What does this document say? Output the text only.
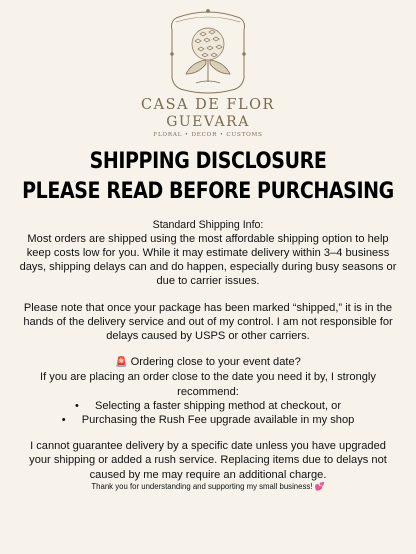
CASA DE FLOR
GUEVARA
FLORAL • DECOR • CUSTOMS
SHIPPING DISCLOSURE
PLEASE READ BEFORE PURCHASING

Standard Shipping Info:

Most orders are shipped using the most affordable shipping option to help

keep costs low for you. While it may estimate delivery within 3–4 business

days, shipping delays can and do happen, especially during busy seasons or

due to carrier issues.

Please note that once your package has been marked “shipped,” it is in the

hands of the delivery service and out of my control. I am not responsible for

delays caused by USPS or other carriers.

🚨 Ordering close to your event date?

If you are placing an order close to the date you need it by, I strongly

recommend:

• Selecting a faster shipping method at checkout, or
• Purchasing the Rush Fee upgrade available in my shop

I cannot guarantee delivery by a specific date unless you have upgraded

your shipping or added a rush service. Replacing items due to delays not

caused by me may require an additional charge.

Thank you for understanding and supporting my small business! 💕
